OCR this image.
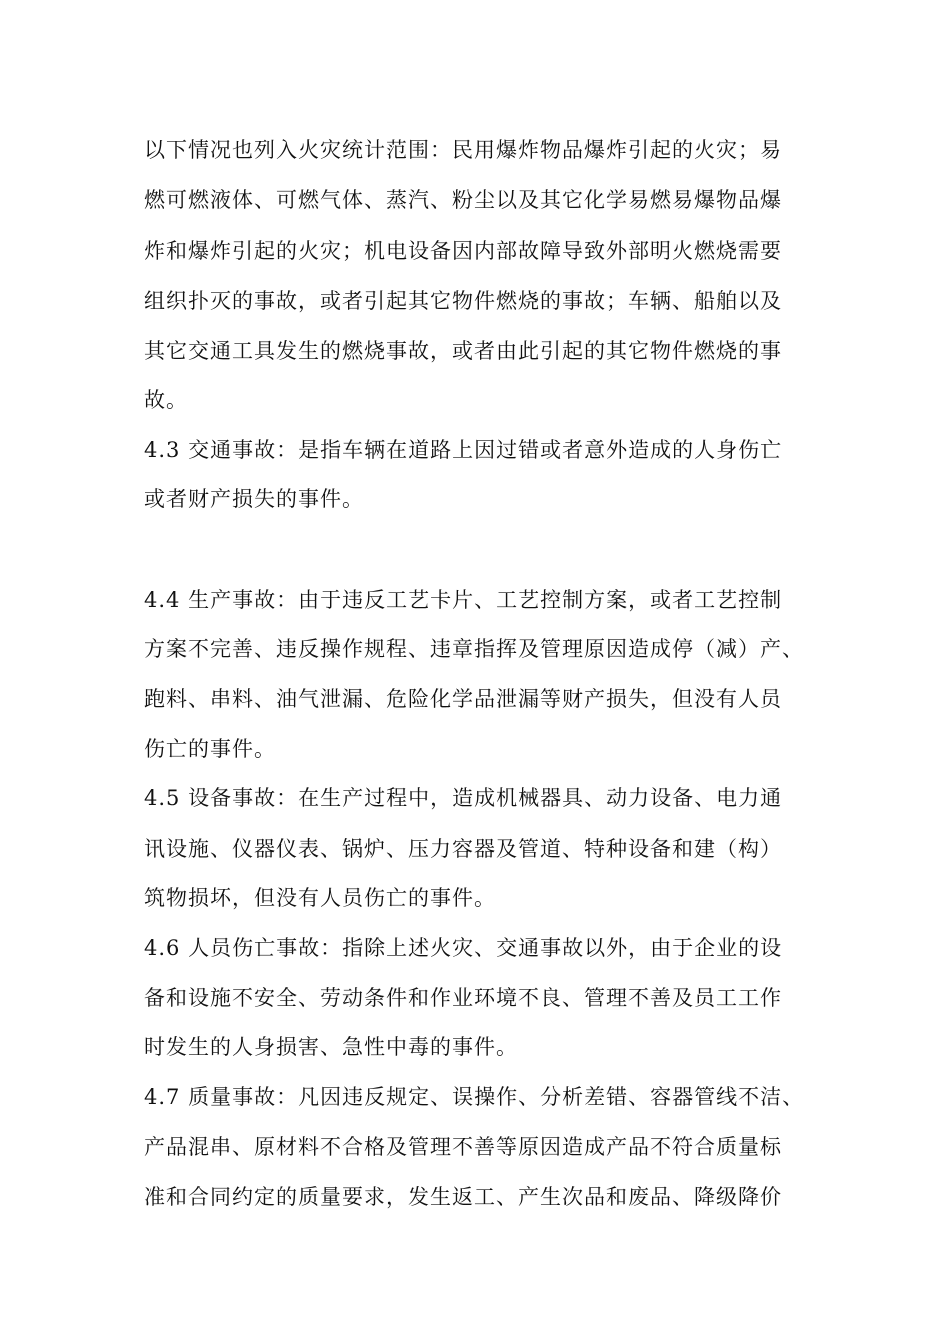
以下情况也列入火灾统计范围：民用爆炸物品爆炸引起的火灾；易
燃可燃液体、可燃气体、蒸汽、粉尘以及其它化学易燃易爆物品爆
炸和爆炸引起的火灾；机电设备因内部故障导致外部明火燃烧需要
组织扑灭的事故，或者引起其它物件燃烧的事故；车辆、船舶以及
其它交通工具发生的燃烧事故，或者由此引起的其它物件燃烧的事
故。
4.3 交通事故：是指车辆在道路上因过错或者意外造成的人身伤亡
或者财产损失的事件。
4.4 生产事故：由于违反工艺卡片、工艺控制方案，或者工艺控制
方案不完善、违反操作规程、违章指挥及管理原因造成停（减）产、
跑料、串料、油气泄漏、危险化学品泄漏等财产损失，但没有人员
伤亡的事件。
4.5 设备事故：在生产过程中，造成机械器具、动力设备、电力通
讯设施、仪器仪表、锅炉、压力容器及管道、特种设备和建（构）
筑物损坏，但没有人员伤亡的事件。
4.6 人员伤亡事故：指除上述火灾、交通事故以外，由于企业的设
备和设施不安全、劳动条件和作业环境不良、管理不善及员工工作
时发生的人身损害、急性中毒的事件。
4.7 质量事故：凡因违反规定、误操作、分析差错、容器管线不洁、
产品混串、原材料不合格及管理不善等原因造成产品不符合质量标
准和合同约定的质量要求，发生返工、产生次品和废品、降级降价
